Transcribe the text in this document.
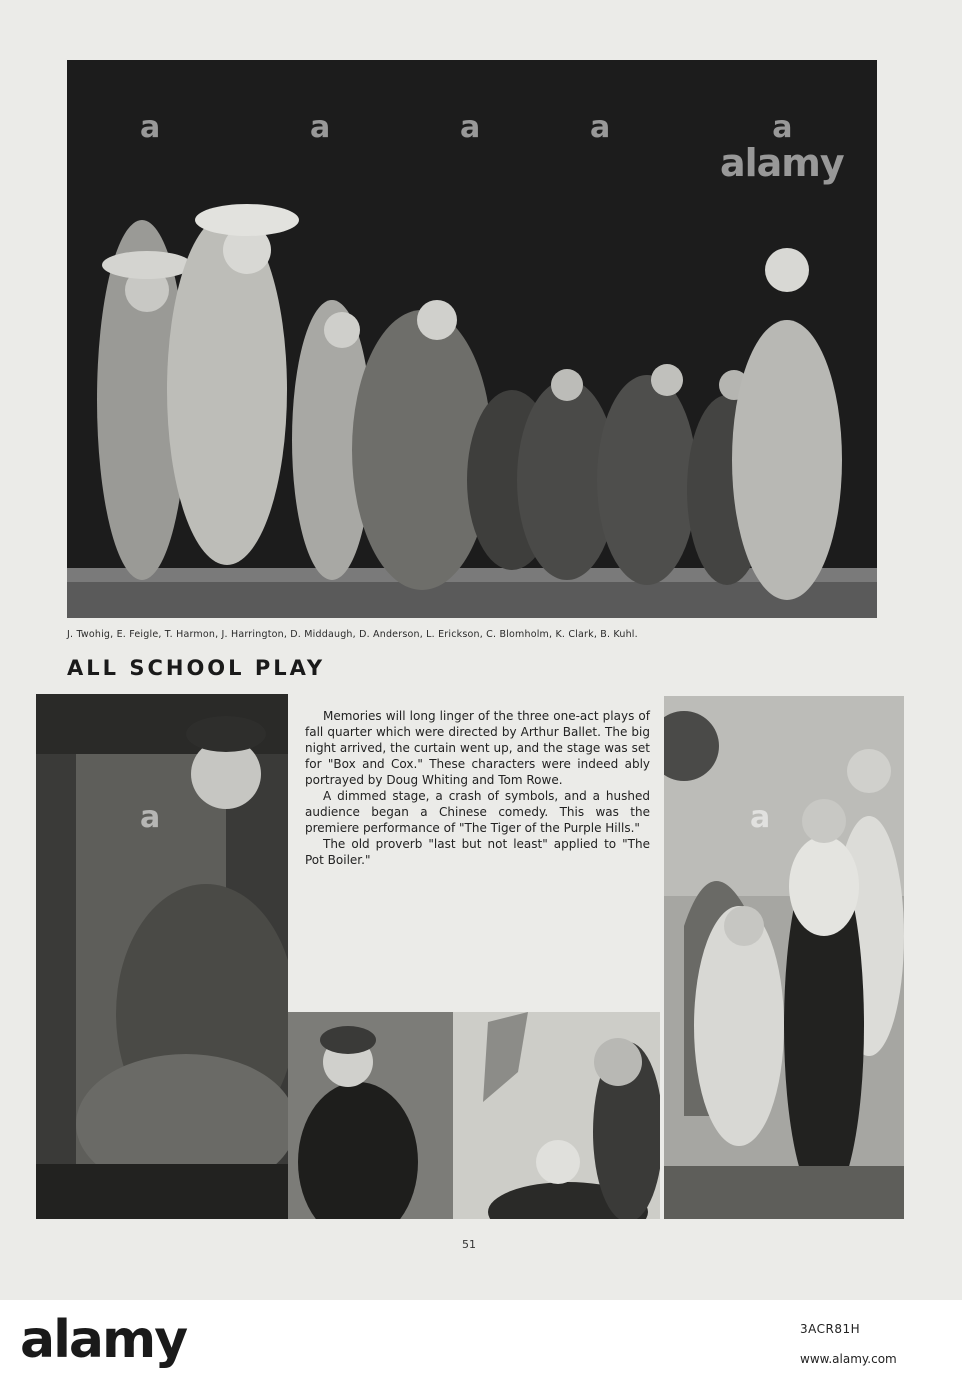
a
alamy
a	a	a	a
J. Twohig, E. Feigle, T. Harmon, J. Harrington, D. Middaugh, D. Anderson, L. Erickson, C. Blomholm, K. Clark, B. Kuhl.
ALL SCHOOL PLAY

Memories will long linger of the three one-act plays of fall quarter which were directed by Arthur Ballet. The big night arrived, the curtain went up, and the stage was set for "Box and Cox." These characters were indeed ably portrayed by Doug Whiting and Tom Rowe.

A dimmed stage, a crash of symbols, and a hushed audience began a Chinese comedy. This was the premiere performance of "The Tiger of the Purple Hills."

The old proverb "last but not least" applied to "The Pot Boiler."

a	a
51
alamy	3ACR81H
www.alamy.com
